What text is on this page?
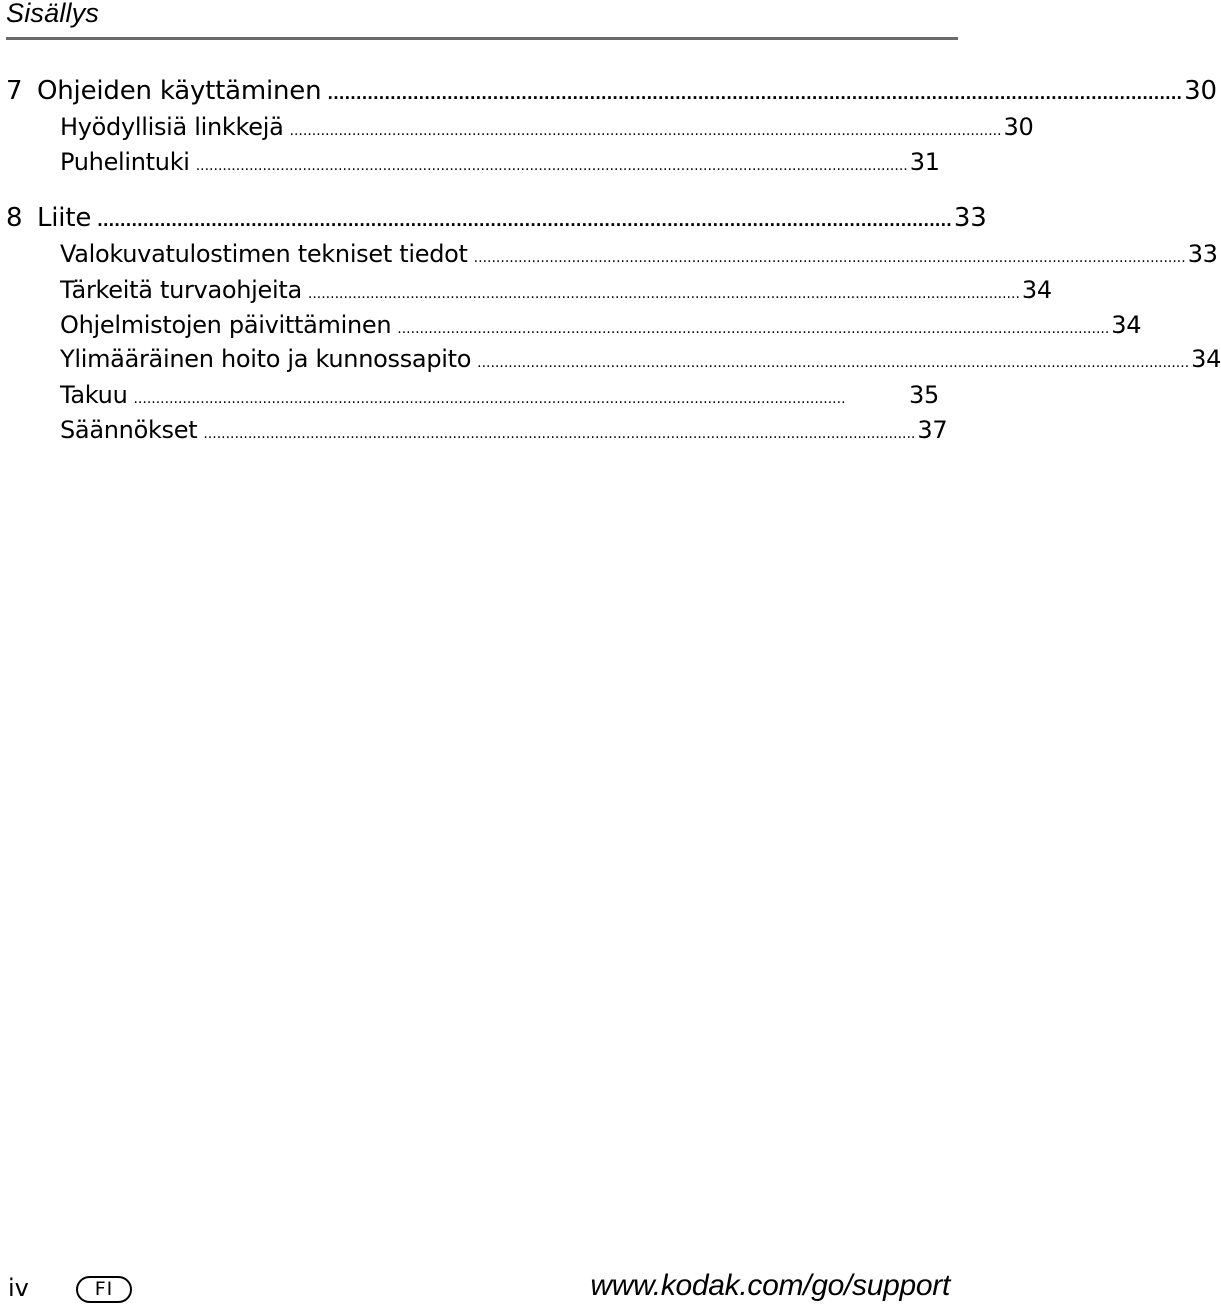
Sisällys
7 Ohjeiden käyttäminen ...................................................................................................................................................... 30
Hyödyllisiä linkkejä ................................................................................................................................................................ 30
Puhelintuki ................................................................................................................................................................ 31
8 Liite ...................................................................................................................................................... 33
Valokuvatulostimen tekniset tiedot ................................................................................................................................................................ 33
Tärkeitä turvaohjeita ................................................................................................................................................................ 34
Ohjelmistojen päivittäminen ................................................................................................................................................................ 34
Ylimääräinen hoito ja kunnossapito ................................................................................................................................................................ 34
Takuu ................................................................................................................................................................	35
Säännökset ................................................................................................................................................................ 37
iv	FI	www.kodak.com/go/support
